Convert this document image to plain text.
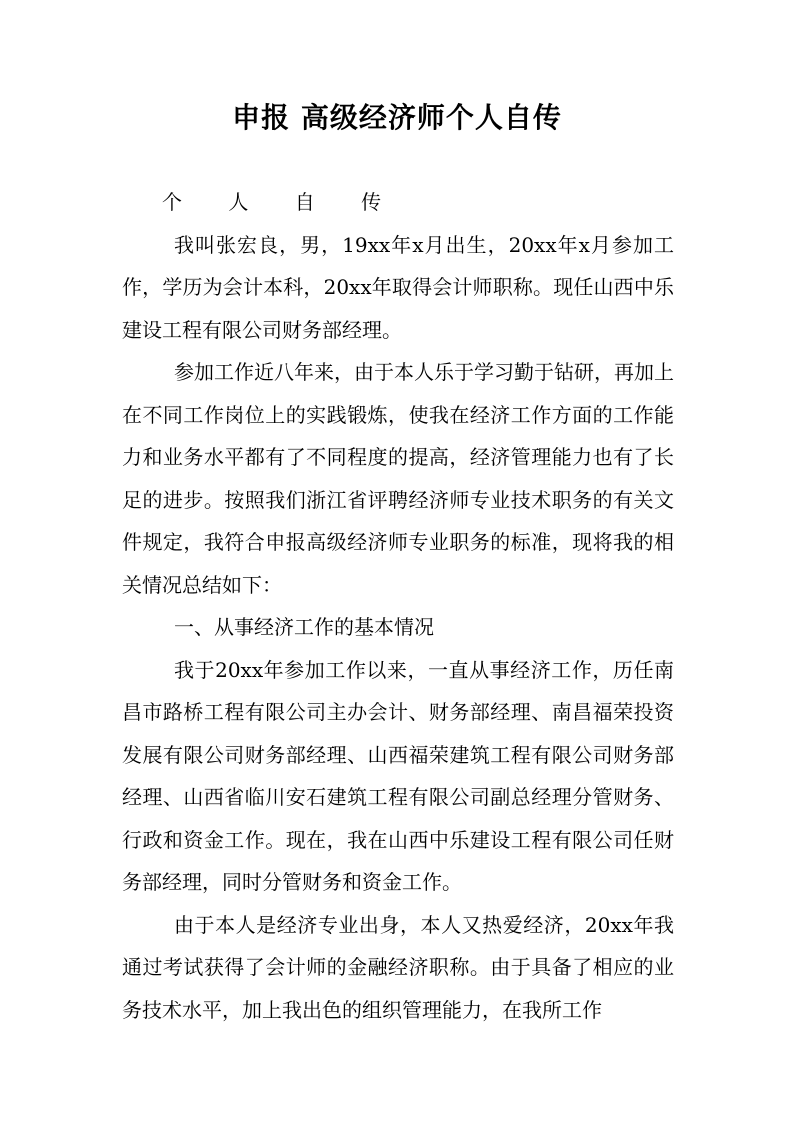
申报 高级经济师个人自传

个 人 自 传

我叫张宏良，男，19xx年x月出生，20xx年x月参加工作，学历为会计本科，20xx年取得会计师职称。现任山西中乐建设工程有限公司财务部经理。

参加工作近八年来，由于本人乐于学习勤于钻研，再加上在不同工作岗位上的实践锻炼，使我在经济工作方面的工作能力和业务水平都有了不同程度的提高，经济管理能力也有了长足的进步。按照我们浙江省评聘经济师专业技术职务的有关文件规定，我符合申报高级经济师专业职务的标准，现将我的相关情况总结如下：

一、从事经济工作的基本情况

我于20xx年参加工作以来，一直从事经济工作，历任南昌市路桥工程有限公司主办会计、财务部经理、南昌福荣投资发展有限公司财务部经理、山西福荣建筑工程有限公司财务部经理、山西省临川安石建筑工程有限公司副总经理分管财务、行政和资金工作。现在，我在山西中乐建设工程有限公司任财务部经理，同时分管财务和资金工作。

由于本人是经济专业出身，本人又热爱经济，20xx年我通过考试获得了会计师的金融经济职称。由于具备了相应的业务技术水平，加上我出色的组织管理能力，在我所工作
